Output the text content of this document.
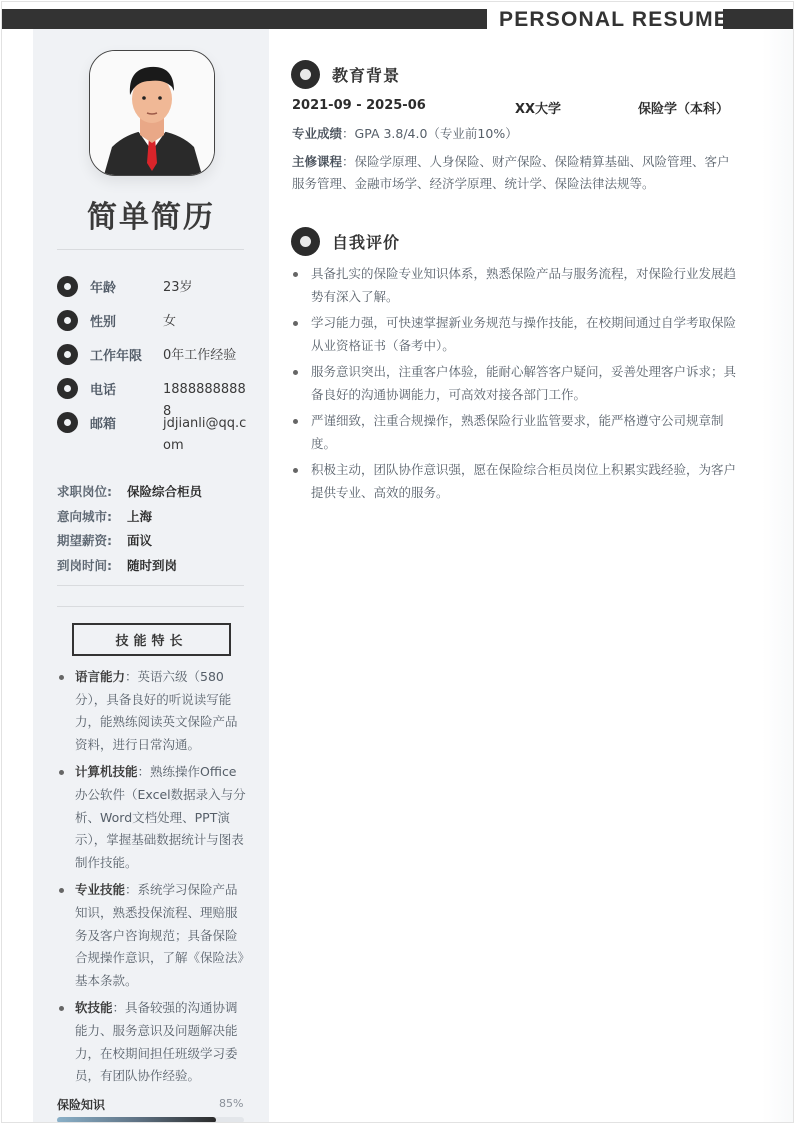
PERSONAL RESUME
简单简历
年龄	23岁
性别	女
工作年限 0年工作经验
电话	18888888888
邮箱	jdjianli@qq.com
求职岗位: 保险综合柜员
意向城市: 上海
期望薪资: 面议
到岗时间: 随时到岗
技能特长
语言能力：英语六级（580分），具备良好的听说读写能力，能熟练阅读英文保险产品资料，进行日常沟通。
计算机技能：熟练操作Office办公软件（Excel数据录入与分析、Word文档处理、PPT演示），掌握基础数据统计与图表制作技能。
专业技能：系统学习保险产品知识，熟悉投保流程、理赔服务及客户咨询规范；具备保险合规操作意识，了解《保险法》基本条款。
软技能：具备较强的沟通协调能力、服务意识及问题解决能力，在校期间担任班级学习委员，有团队协作经验。
保险知识	85%
教育背景
2021-09 - 2025-06	XX大学	保险学（本科）
专业成绩：GPA 3.8/4.0（专业前10%）
主修课程：保险学原理、人身保险、财产保险、保险精算基础、风险管理、客户服务管理、金融市场学、经济学原理、统计学、保险法律法规等。
自我评价
具备扎实的保险专业知识体系，熟悉保险产品与服务流程，对保险行业发展趋势有深入了解。
学习能力强，可快速掌握新业务规范与操作技能，在校期间通过自学考取保险从业资格证书（备考中）。
服务意识突出，注重客户体验，能耐心解答客户疑问，妥善处理客户诉求；具备良好的沟通协调能力，可高效对接各部门工作。
严谨细致，注重合规操作，熟悉保险行业监管要求，能严格遵守公司规章制度。
积极主动，团队协作意识强，愿在保险综合柜员岗位上积累实践经验，为客户提供专业、高效的服务。
